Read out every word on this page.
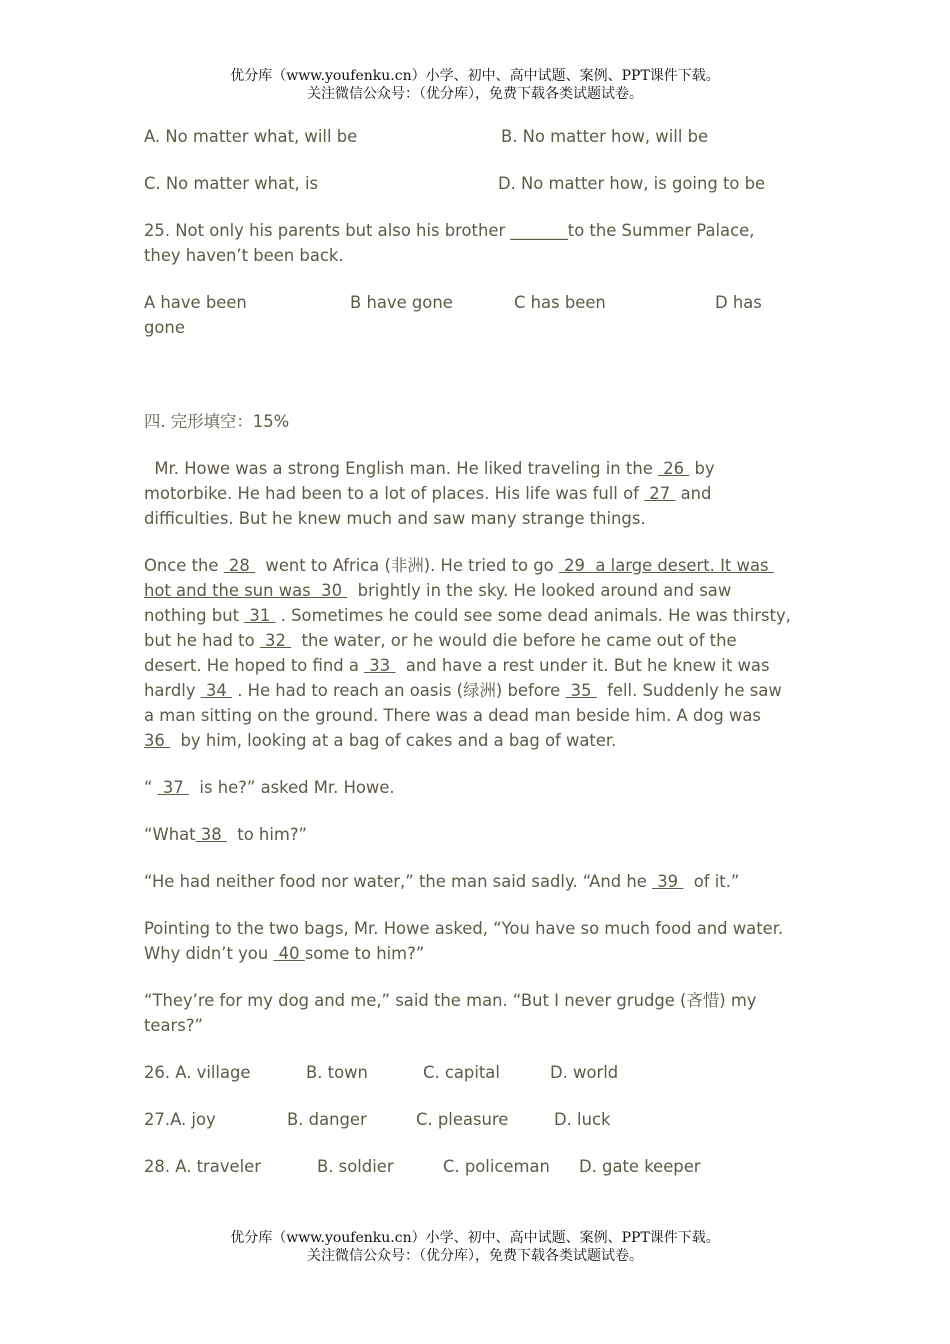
优分库（www.youfenku.cn）小学、初中、高中试题、案例、PPT课件下载。
关注微信公众号：（优分库），免费下载各类试题试卷。
A. No matter what, will be	B. No matter how, will be
C. No matter what, is	D. No matter how, is going to be
25. Not only his parents but also his brother _______to the Summer Palace,
they haven’t been back.
A have been	B have gone	C has been	D has
gone
四. 完形填空：15%
Mr. Howe was a strong English man. He liked traveling in the  26  by
motorbike. He had been to a lot of places. His life was full of  27  and
difficulties. But he knew much and saw many strange things.
Once the  28   went to Africa (非洲). He tried to go  29  a large desert. It was
hot and the sun was  30   brightly in the sky. He looked around and saw
nothing but  31  . Sometimes he could see some dead animals. He was thirsty,
but he had to  32   the water, or he would die before he came out of the
desert. He hoped to find a  33   and have a rest under it. But he knew it was
hardly  34  . He had to reach an oasis (绿洲) before  35   fell. Suddenly he saw
a man sitting on the ground. There was a dead man beside him. A dog was
36   by him, looking at a bag of cakes and a bag of water.
“  37   is he?” asked Mr. Howe.
“What 38   to him?”
“He had neither food nor water,” the man said sadly. “And he  39   of it.”
Pointing to the two bags, Mr. Howe asked, “You have so much food and water.
Why didn’t you  40 some to him?”
“They’re for my dog and me,” said the man. “But I never grudge (吝惜) my
tears?”
26. A. village	B. town	C. capital	D. world
27.A. joy	B. danger	C. pleasure	D. luck
28. A. traveler	B. soldier	C. policeman	D. gate keeper
优分库（www.youfenku.cn）小学、初中、高中试题、案例、PPT课件下载。
关注微信公众号：（优分库），免费下载各类试题试卷。
